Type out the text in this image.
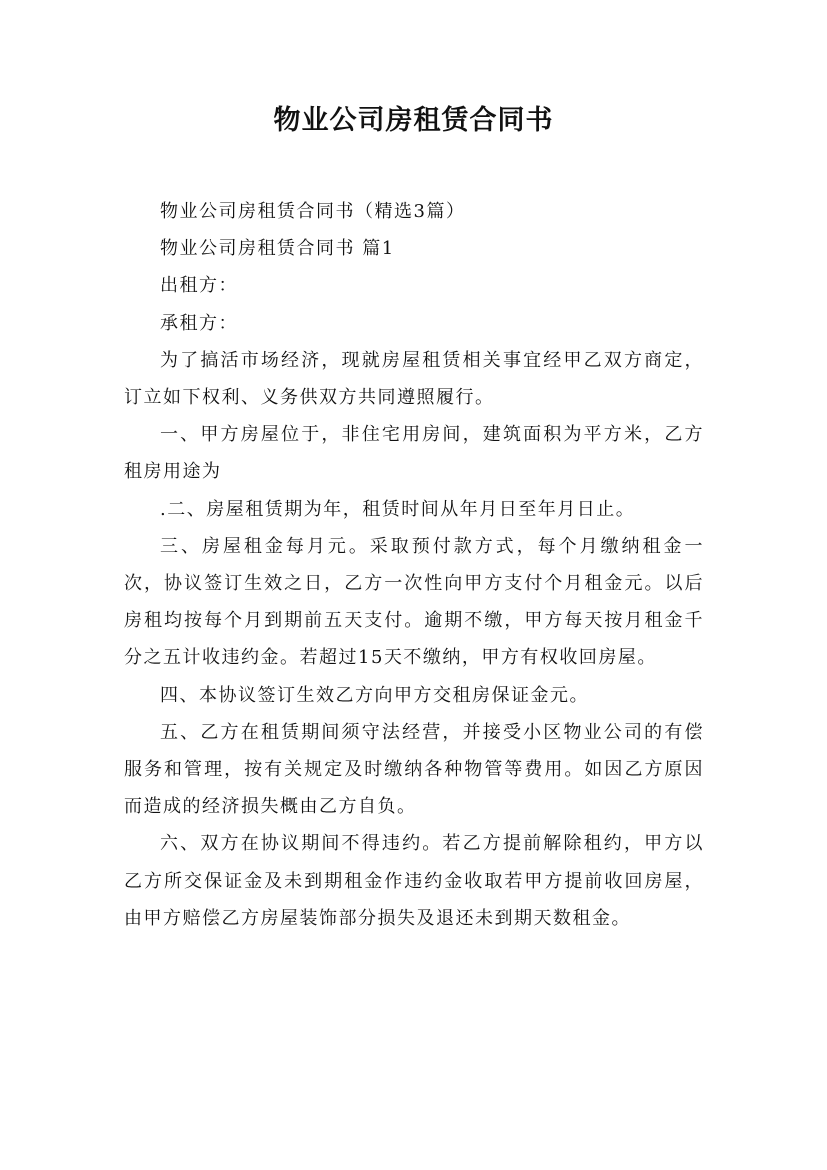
物业公司房租赁合同书

物业公司房租赁合同书（精选3篇）

物业公司房租赁合同书 篇1

出租方：

承租方：

为了搞活市场经济，现就房屋租赁相关事宜经甲乙双方商定，订立如下权利、义务供双方共同遵照履行。

一、甲方房屋位于，非住宅用房间，建筑面积为平方米，乙方租房用途为

.二、房屋租赁期为年，租赁时间从年月日至年月日止。

三、房屋租金每月元。采取预付款方式，每个月缴纳租金一次，协议签订生效之日，乙方一次性向甲方支付个月租金元。以后房租均按每个月到期前五天支付。逾期不缴，甲方每天按月租金千分之五计收违约金。若超过15天不缴纳，甲方有权收回房屋。

四、本协议签订生效乙方向甲方交租房保证金元。

五、乙方在租赁期间须守法经营，并接受小区物业公司的有偿服务和管理，按有关规定及时缴纳各种物管等费用。如因乙方原因而造成的经济损失概由乙方自负。

六、双方在协议期间不得违约。若乙方提前解除租约，甲方以乙方所交保证金及未到期租金作违约金收取若甲方提前收回房屋，由甲方赔偿乙方房屋装饰部分损失及退还未到期天数租金。
